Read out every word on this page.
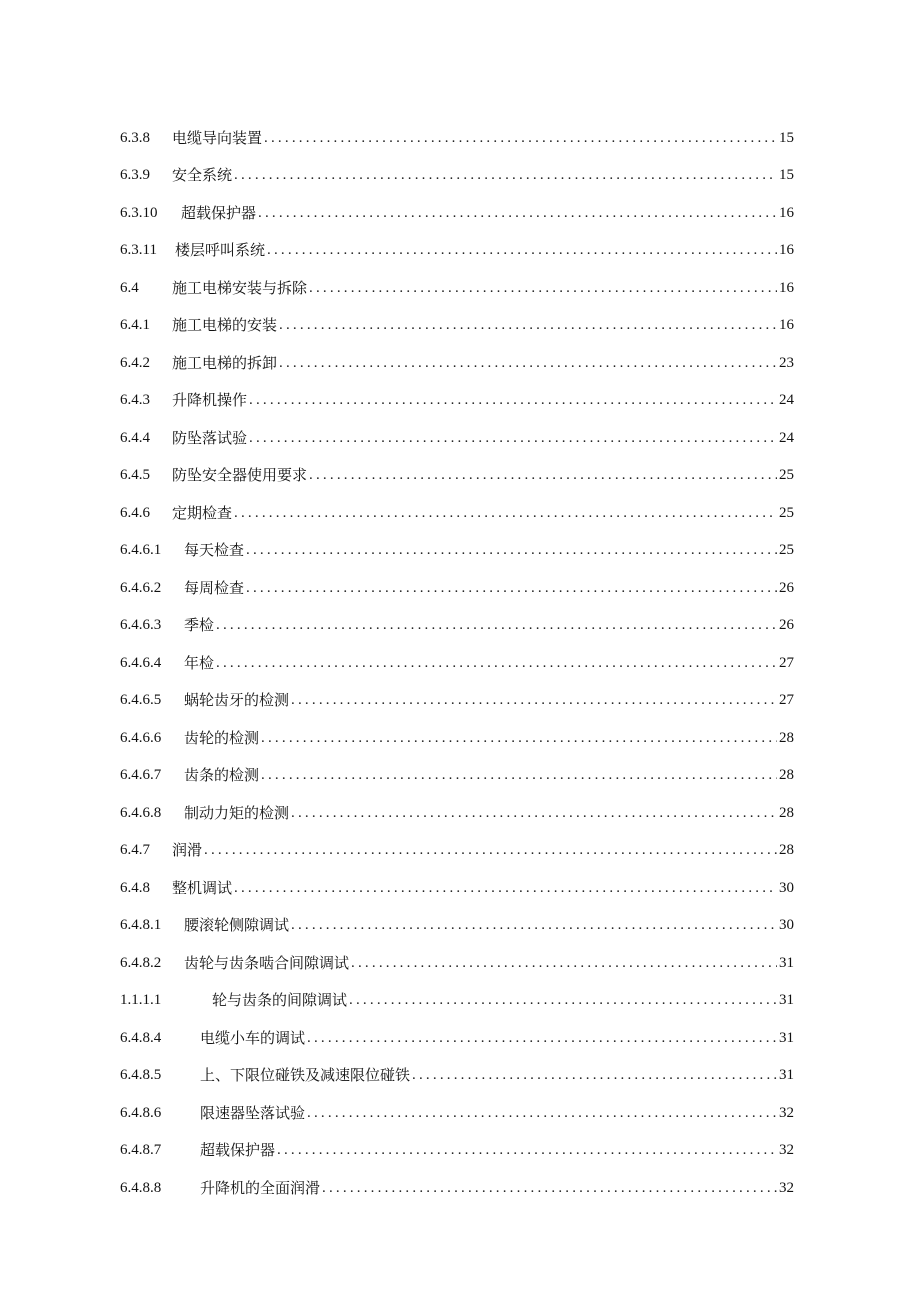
6.3.8	电缆导向装置 .....	15
6.3.9	安全系统 .....	15
6.3.10	超载保护器 .....	16
6.3.11	楼层呼叫系统 .....	16
6.4	施工电梯安装与拆除 .....	16
6.4.1	施工电梯的安装 .....	16
6.4.2	施工电梯的拆卸 .....	23
6.4.3	升降机操作 .....	24
6.4.4	防坠落试验 .....	24
6.4.5	防坠安全器使用要求 .....	25
6.4.6	定期检查 .....	25
6.4.6.1	每天检查 .....	25
6.4.6.2	每周检查 .....	26
6.4.6.3	季检 .....	26
6.4.6.4	年检 .....	27
6.4.6.5	蜗轮齿牙的检测 .....	27
6.4.6.6	齿轮的检测 .....	28
6.4.6.7	齿条的检测 .....	28
6.4.6.8	制动力矩的检测 .....	28
6.4.7	润滑 .....	28
6.4.8	整机调试 .....	30
6.4.8.1	腰滚轮侧隙调试 .....	30
6.4.8.2	齿轮与齿条啮合间隙调试 .....	31
1.1.1.1	轮与齿条的间隙调试 .....	31
6.4.8.4	电缆小车的调试 .....	31
6.4.8.5	上、下限位碰铁及减速限位碰铁 .....	31
6.4.8.6	限速器坠落试验 .....	32
6.4.8.7	超载保护器 .....	32
6.4.8.8	升降机的全面润滑 .....	32
